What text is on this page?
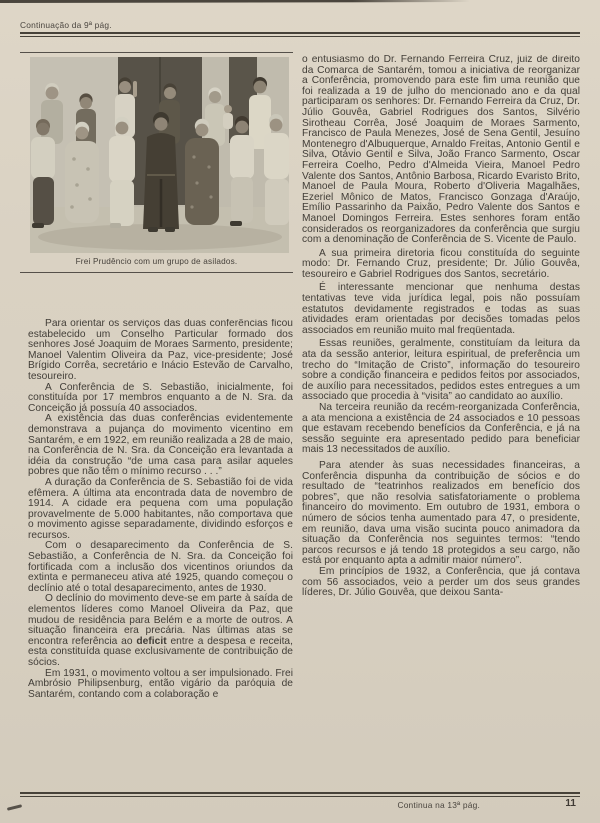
Continuação da 9ª pág.
Frei Prudêncio com um grupo de asilados.

Para orientar os serviços das duas conferências ficou estabelecido um Conselho Particular formado dos senhores José Joaquim de Moraes Sarmento, presidente; Manoel Valentim Oliveira da Paz, vice-presidente; José Brígido Corrêa, secretário e Inácio Estevão de Carvalho, tesoureiro.

A Conferência de S. Sebastião, inicialmente, foi constituída por 17 membros enquanto a de N. Sra. da Conceição já possuía 40 associados.

A existência das duas conferências evidentemente demonstrava a pujança do movimento vicentino em Santarém, e em 1922, em reunião realizada a 28 de maio, na Conferência de N. Sra. da Conceição era levantada a idéia da construção “de uma casa para asilar aqueles pobres que não têm o mínimo recurso . . .”

A duração da Conferência de S. Sebastião foi de vida efêmera. A última ata encontrada data de novembro de 1914. A cidade era pequena com uma população provavelmente de 5.000 habitantes, não comportava que o movimento agisse separadamente, dividindo esforços e recursos.

Com o desaparecimento da Conferência de S. Sebastião, a Conferência de N. Sra. da Conceição foi fortificada com a inclusão dos vicentinos oriundos da extinta e permaneceu ativa até 1925, quando começou o declínio até o total desaparecimento, antes de 1930.

O declínio do movimento deve-se em parte à saída de elementos líderes como Manoel Oliveira da Paz, que mudou de residência para Belém e a morte de outros. A situação financeira era precária. Nas últimas atas se encontra referência ao deficit entre a despesa e receita, esta constituída quase exclusivamente de contribuição de sócios.

Em 1931, o movimento voltou a ser impulsionado. Frei Ambrósio Philipsenburg, então vigário da paróquia de Santarém, contando com a colaboração e

o entusiasmo do Dr. Fernando Ferreira Cruz, juiz de direito da Comarca de Santarém, tomou a iniciativa de reorganizar a Conferência, promovendo para este fim uma reunião que foi realizada a 19 de julho do mencionado ano e da qual participaram os senhores: Dr. Fernando Ferreira da Cruz, Dr. Júlio Gouvêa, Gabriel Rodrigues dos Santos, Silvério Sirotheau Corrêa, José Joaquim de Moraes Sarmento, Francisco de Paula Menezes, José de Sena Gentil, Jesuíno Montenegro d'Albuquerque, Arnaldo Freitas, Antonio Gentil e Silva, Otávio Gentil e Silva, João Franco Sarmento, Oscar Ferreira Coelho, Pedro d'Almeida Vieira, Manoel Pedro Valente dos Santos, Antônio Barbosa, Ricardo Evaristo Brito, Manoel de Paula Moura, Roberto d'Oliveria Magalhães, Ezeriel Mônico de Matos, Francisco Gonzaga d'Araújo, Emílio Passarinho da Paixão, Pedro Valente dos Santos e Manoel Domingos Ferreira. Estes senhores foram então considerados os reorganizadores da conferência que surgiu com a denominação de Conferência de S. Vicente de Paulo.

A sua primeira diretoria ficou constituída do seguinte modo: Dr. Fernando Cruz, presidente; Dr. Júlio Gouvêa, tesoureiro e Gabriel Rodrigues dos Santos, secretário.

É interessante mencionar que nenhuma destas tentativas teve vida jurídica legal, pois não possuíam estatutos devidamente registrados e todas as suas atividades eram orientadas por decisões tomadas pelos associados em reunião muito mal freqüentada.

Essas reuniões, geralmente, constituíam da leitura da ata da sessão anterior, leitura espiritual, de preferência um trecho do “Imitação de Cristo”, informação do tesoureiro sobre a condição financeira e pedidos feitos por associados, de auxílio para necessitados, pedidos estes entregues a um associado que procedia à “visita” ao candidato ao auxílio.

Na terceira reunião da recém-reorganizada Conferência, a ata menciona a existência de 24 associados e 10 pessoas que estavam recebendo benefícios da Conferência, e já na sessão seguinte era apresentado pedido para beneficiar mais 13 necessitados de auxílio.

Para atender às suas necessidades financeiras, a Conferência dispunha da contribuição de sócios e do resultado de “teatrinhos realizados em benefício dos pobres”, que não resolvia satisfatoriamente o problema financeiro do movimento. Em outubro de 1931, embora o número de sócios tenha aumentado para 47, o presidente, em reunião, dava uma visão sucinta pouco animadora da situação da Conferência nos seguintes termos: “tendo parcos recursos e já tendo 18 protegidos a seu cargo, não está por enquanto apta a admitir maior número”.

Em princípios de 1932, a Conferência, que já contava com 56 associados, veio a perder um dos seus grandes líderes, Dr. Júlio Gouvêa, que deixou Santa-

Continua na 13ª pág.	11
